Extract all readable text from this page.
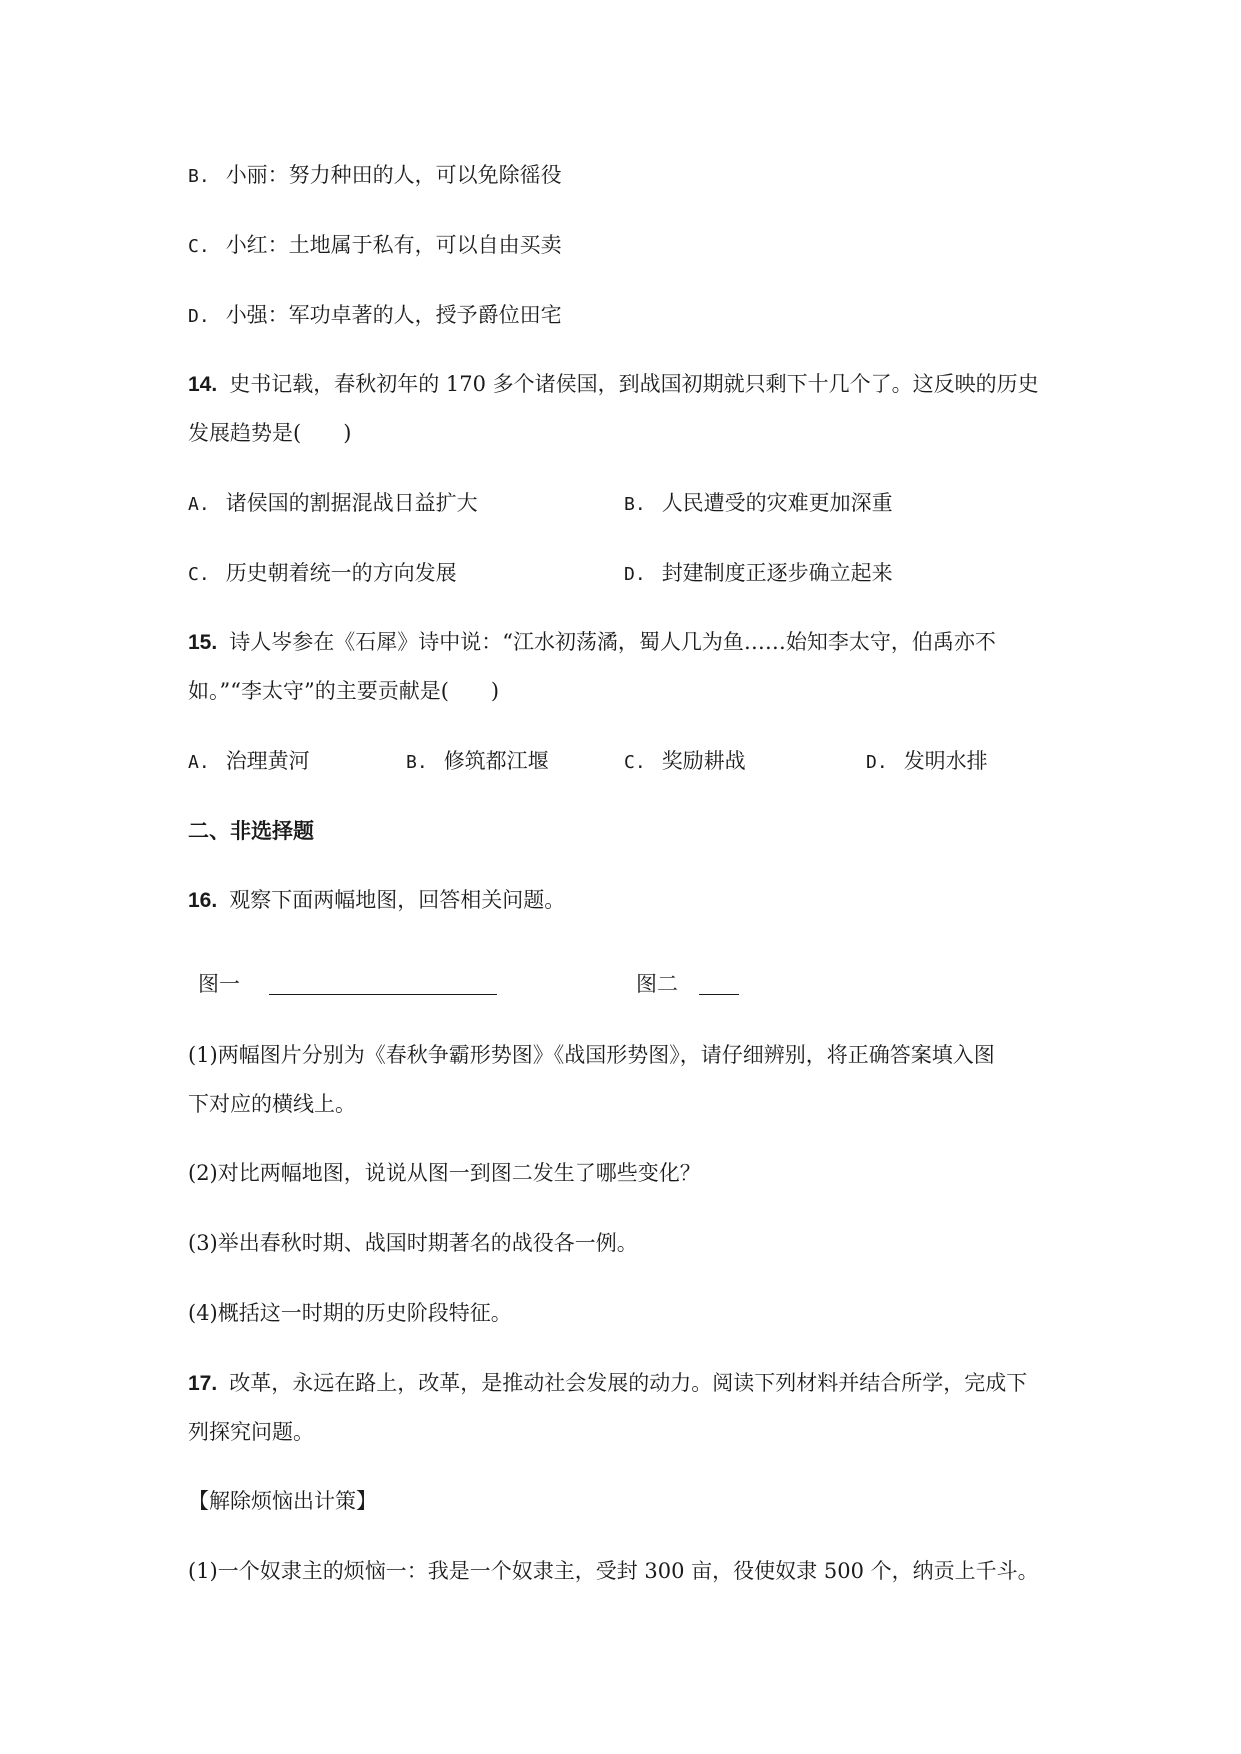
B. 小丽：努力种田的人，可以免除徭役
C. 小红：土地属于私有，可以自由买卖
D. 小强：军功卓著的人，授予爵位田宅
14. 史书记载，春秋初年的 170 多个诸侯国，到战国初期就只剩下十几个了。这反映的历史
发展趋势是(　　)
A. 诸侯国的割据混战日益扩大	B. 人民遭受的灾难更加深重
C. 历史朝着统一的方向发展	D. 封建制度正逐步确立起来
15. 诗人岑参在《石犀》诗中说：“江水初荡潏，蜀人几为鱼……始知李太守，伯禹亦不
如。”“李太守”的主要贡献是(　　)
A. 治理黄河	B. 修筑都江堰	C. 奖励耕战	D. 发明水排
二、非选择题
16. 观察下面两幅地图，回答相关问题。
图一	图二
(1)两幅图片分别为《春秋争霸形势图》《战国形势图》，请仔细辨别，将正确答案填入图
下对应的横线上。
(2)对比两幅地图，说说从图一到图二发生了哪些变化？
(3)举出春秋时期、战国时期著名的战役各一例。
(4)概括这一时期的历史阶段特征。
17. 改革，永远在路上，改革，是推动社会发展的动力。阅读下列材料并结合所学，完成下
列探究问题。
【解除烦恼出计策】
(1)一个奴隶主的烦恼一：我是一个奴隶主，受封 300 亩，役使奴隶 500 个，纳贡上千斗。
